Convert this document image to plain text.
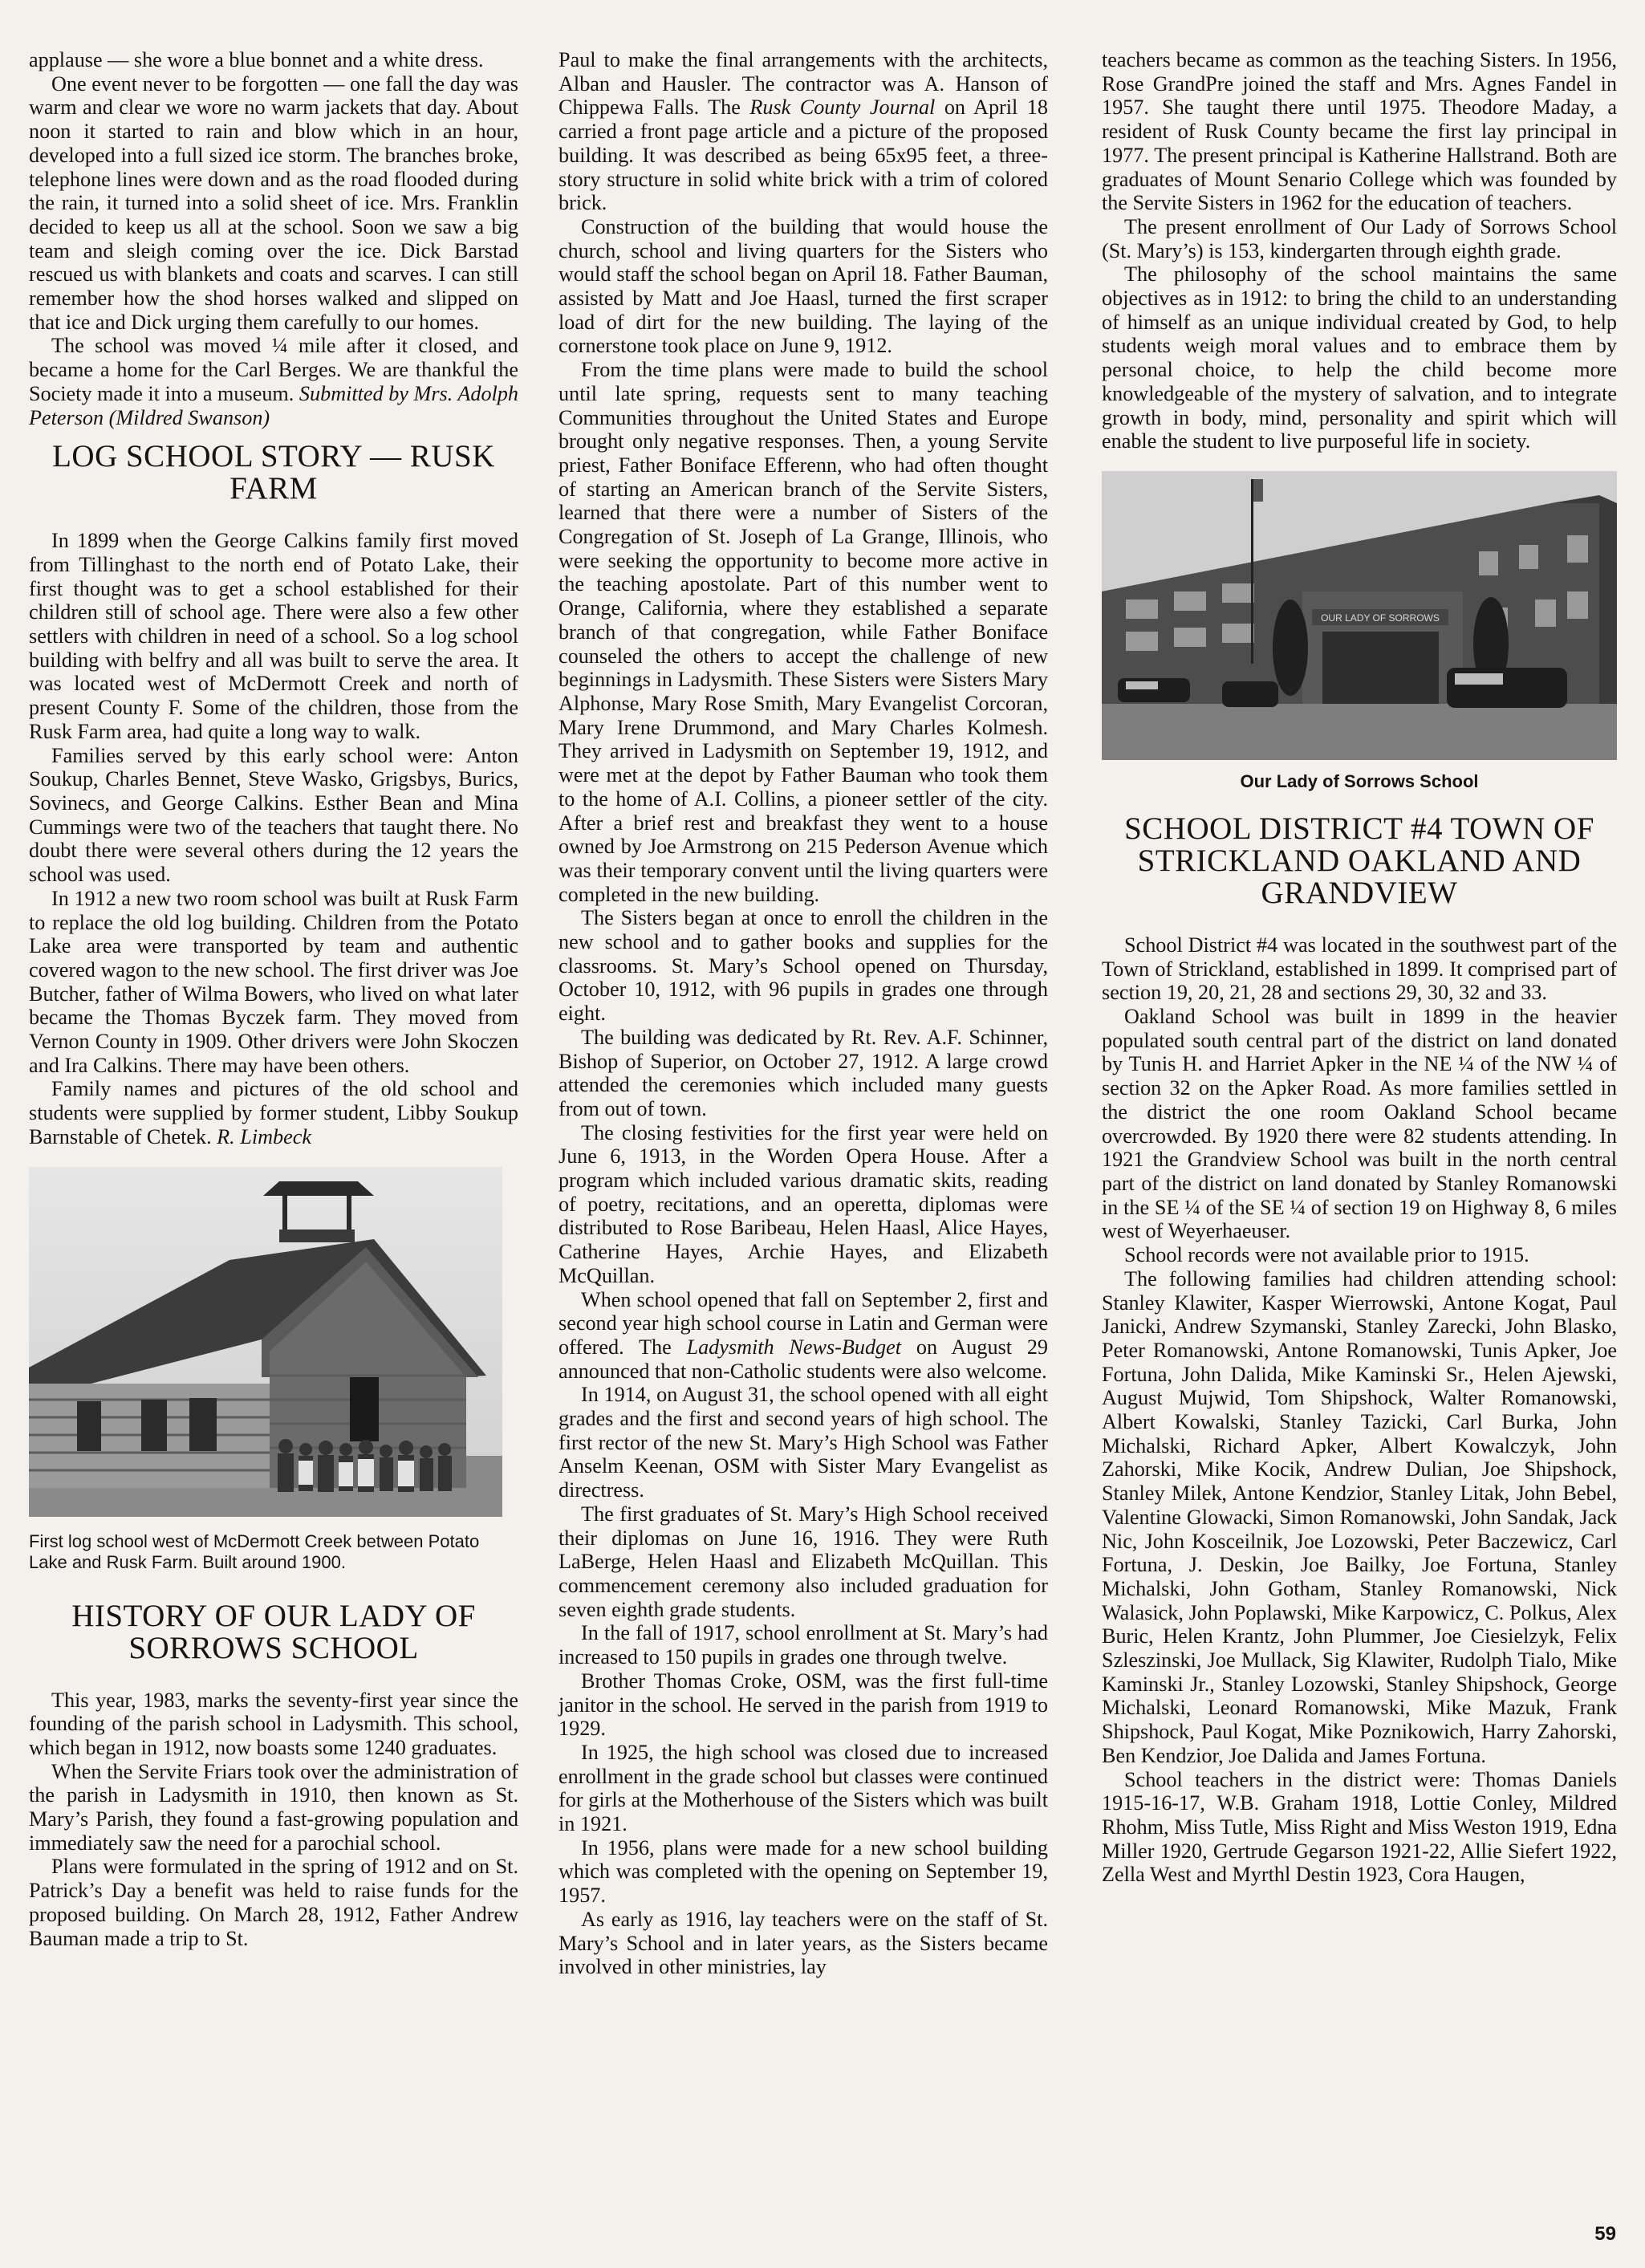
applause — she wore a blue bonnet and a white dress.

One event never to be forgotten — one fall the day was warm and clear we wore no warm jackets that day. About noon it started to rain and blow which in an hour, developed into a full sized ice storm. The branches broke, telephone lines were down and as the road flooded during the rain, it turned into a solid sheet of ice. Mrs. Franklin decided to keep us all at the school. Soon we saw a big team and sleigh coming over the ice. Dick Barstad rescued us with blankets and coats and scarves. I can still remember how the shod horses walked and slipped on that ice and Dick urging them carefully to our homes.

The school was moved ¼ mile after it closed, and became a home for the Carl Berges. We are thankful the Society made it into a museum. Submitted by Mrs. Adolph Peterson (Mildred Swanson)

LOG SCHOOL STORY — RUSK FARM

In 1899 when the George Calkins family first moved from Tillinghast to the north end of Potato Lake, their first thought was to get a school established for their children still of school age. There were also a few other settlers with children in need of a school. So a log school building with belfry and all was built to serve the area. It was located west of McDermott Creek and north of present County F. Some of the children, those from the Rusk Farm area, had quite a long way to walk.

Families served by this early school were: Anton Soukup, Charles Bennet, Steve Wasko, Grigsbys, Burics, Sovinecs, and George Calkins. Esther Bean and Mina Cummings were two of the teachers that taught there. No doubt there were several others during the 12 years the school was used.

In 1912 a new two room school was built at Rusk Farm to replace the old log building. Children from the Potato Lake area were transported by team and authentic covered wagon to the new school. The first driver was Joe Butcher, father of Wilma Bowers, who lived on what later became the Thomas Byczek farm. They moved from Vernon County in 1909. Other drivers were John Skoczen and Ira Calkins. There may have been others.

Family names and pictures of the old school and students were supplied by former student, Libby Soukup Barnstable of Chetek. R. Limbeck

First log school west of McDermott Creek between Potato Lake and Rusk Farm. Built around 1900.
HISTORY OF OUR LADY OF SORROWS SCHOOL

This year, 1983, marks the seventy-first year since the founding of the parish school in Ladysmith. This school, which began in 1912, now boasts some 1240 graduates.

When the Servite Friars took over the administration of the parish in Ladysmith in 1910, then known as St. Mary’s Parish, they found a fast-growing population and immediately saw the need for a parochial school.

Plans were formulated in the spring of 1912 and on St. Patrick’s Day a benefit was held to raise funds for the proposed building. On March 28, 1912, Father Andrew Bauman made a trip to St.

Paul to make the final arrangements with the architects, Alban and Hausler. The contractor was A. Hanson of Chippewa Falls. The Rusk County Journal on April 18 carried a front page article and a picture of the proposed building. It was described as being 65x95 feet, a three-story structure in solid white brick with a trim of colored brick.

Construction of the building that would house the church, school and living quarters for the Sisters who would staff the school began on April 18. Father Bauman, assisted by Matt and Joe Haasl, turned the first scraper load of dirt for the new building. The laying of the cornerstone took place on June 9, 1912.

From the time plans were made to build the school until late spring, requests sent to many teaching Communities throughout the United States and Europe brought only negative responses. Then, a young Servite priest, Father Boniface Efferenn, who had often thought of starting an American branch of the Servite Sisters, learned that there were a number of Sisters of the Congregation of St. Joseph of La Grange, Illinois, who were seeking the opportunity to become more active in the teaching apostolate. Part of this number went to Orange, California, where they established a separate branch of that congregation, while Father Boniface counseled the others to accept the challenge of new beginnings in Ladysmith. These Sisters were Sisters Mary Alphonse, Mary Rose Smith, Mary Evangelist Corcoran, Mary Irene Drummond, and Mary Charles Kolmesh. They arrived in Ladysmith on September 19, 1912, and were met at the depot by Father Bauman who took them to the home of A.I. Collins, a pioneer settler of the city. After a brief rest and breakfast they went to a house owned by Joe Armstrong on 215 Pederson Avenue which was their temporary convent until the living quarters were completed in the new building.

The Sisters began at once to enroll the children in the new school and to gather books and supplies for the classrooms. St. Mary’s School opened on Thursday, October 10, 1912, with 96 pupils in grades one through eight.

The building was dedicated by Rt. Rev. A.F. Schinner, Bishop of Superior, on October 27, 1912. A large crowd attended the ceremonies which included many guests from out of town.

The closing festivities for the first year were held on June 6, 1913, in the Worden Opera House. After a program which included various dramatic skits, reading of poetry, recitations, and an operetta, diplomas were distributed to Rose Baribeau, Helen Haasl, Alice Hayes, Catherine Hayes, Archie Hayes, and Elizabeth McQuillan.

When school opened that fall on September 2, first and second year high school course in Latin and German were offered. The Ladysmith News-Budget on August 29 announced that non-Catholic students were also welcome.

In 1914, on August 31, the school opened with all eight grades and the first and second years of high school. The first rector of the new St. Mary’s High School was Father Anselm Keenan, OSM with Sister Mary Evangelist as directress.

The first graduates of St. Mary’s High School received their diplomas on June 16, 1916. They were Ruth LaBerge, Helen Haasl and Elizabeth McQuillan. This commencement ceremony also included graduation for seven eighth grade students.

In the fall of 1917, school enrollment at St. Mary’s had increased to 150 pupils in grades one through twelve.

Brother Thomas Croke, OSM, was the first full-time janitor in the school. He served in the parish from 1919 to 1929.

In 1925, the high school was closed due to increased enrollment in the grade school but classes were continued for girls at the Motherhouse of the Sisters which was built in 1921.

In 1956, plans were made for a new school building which was completed with the opening on September 19, 1957.

As early as 1916, lay teachers were on the staff of St. Mary’s School and in later years, as the Sisters became involved in other ministries, lay

teachers became as common as the teaching Sisters. In 1956, Rose GrandPre joined the staff and Mrs. Agnes Fandel in 1957. She taught there until 1975. Theodore Maday, a resident of Rusk County became the first lay principal in 1977. The present principal is Katherine Hallstrand. Both are graduates of Mount Senario College which was founded by the Servite Sisters in 1962 for the education of teachers.

The present enrollment of Our Lady of Sorrows School (St. Mary’s) is 153, kindergarten through eighth grade.

The philosophy of the school maintains the same objectives as in 1912: to bring the child to an understanding of himself as an unique individual created by God, to help students weigh moral values and to embrace them by personal choice, to help the child become more knowledgeable of the mystery of salvation, and to integrate growth in body, mind, personality and spirit which will enable the student to live purposeful life in society.

OUR LADY OF SORROWS
Our Lady of Sorrows School
SCHOOL DISTRICT #4 TOWN OF STRICKLAND OAKLAND AND GRANDVIEW

School District #4 was located in the southwest part of the Town of Strickland, established in 1899. It comprised part of section 19, 20, 21, 28 and sections 29, 30, 32 and 33.

Oakland School was built in 1899 in the heavier populated south central part of the district on land donated by Tunis H. and Harriet Apker in the NE ¼ of the NW ¼ of section 32 on the Apker Road. As more families settled in the district the one room Oakland School became overcrowded. By 1920 there were 82 students attending. In 1921 the Grandview School was built in the north central part of the district on land donated by Stanley Romanowski in the SE ¼ of the SE ¼ of section 19 on Highway 8, 6 miles west of Weyerhaeuser.

School records were not available prior to 1915.

The following families had children attending school: Stanley Klawiter, Kasper Wierrowski, Antone Kogat, Paul Janicki, Andrew Szymanski, Stanley Zarecki, John Blasko, Peter Romanowski, Antone Romanowski, Tunis Apker, Joe Fortuna, John Dalida, Mike Kaminski Sr., Helen Ajewski, August Mujwid, Tom Shipshock, Walter Romanowski, Albert Kowalski, Stanley Tazicki, Carl Burka, John Michalski, Richard Apker, Albert Kowalczyk, John Zahorski, Mike Kocik, Andrew Dulian, Joe Shipshock, Stanley Milek, Antone Kendzior, Stanley Litak, John Bebel, Valentine Glowacki, Simon Romanowski, John Sandak, Jack Nic, John Kosceilnik, Joe Lozowski, Peter Baczewicz, Carl Fortuna, J. Deskin, Joe Bailky, Joe Fortuna, Stanley Michalski, John Gotham, Stanley Romanowski, Nick Walasick, John Poplawski, Mike Karpowicz, C. Polkus, Alex Buric, Helen Krantz, John Plummer, Joe Ciesielzyk, Felix Szleszinski, Joe Mullack, Sig Klawiter, Rudolph Tialo, Mike Kaminski Jr., Stanley Lozowski, Stanley Shipshock, George Michalski, Leonard Romanowski, Mike Mazuk, Frank Shipshock, Paul Kogat, Mike Poznikowich, Harry Zahorski, Ben Kendzior, Joe Dalida and James Fortuna.

School teachers in the district were: Thomas Daniels 1915-16-17, W.B. Graham 1918, Lottie Conley, Mildred Rhohm, Miss Tutle, Miss Right and Miss Weston 1919, Edna Miller 1920, Gertrude Gegarson 1921-22, Allie Siefert 1922, Zella West and Myrthl Destin 1923, Cora Haugen,

59
